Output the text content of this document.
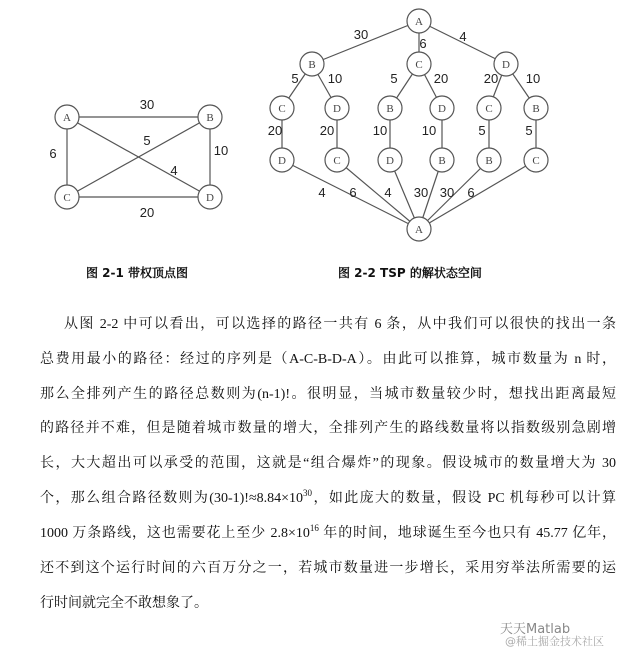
30
6
5
10
4
20
A	B
C	D
A
B	C	D
C	D	B	D	C	B
D	C	D	B	B	C
A
30
6	4
5 10	5	20	20 10
20	20	10	10	5	5
4 6 4 30 30 6
图 2-1 带权顶点图	图 2-2 TSP 的解状态空间
从图 2-2 中可以看出，可以选择的路径一共有 6 条，从中我们可以很快的找出一条
总费用最小的路径：经过的序列是（A-C-B-D-A）。由此可以推算，城市数量为 n 时，
那么全排列产生的路径总数则为(n-1)!。很明显，当城市数量较少时，想找出距离最短
的路径并不难，但是随着城市数量的增大，全排列产生的路线数量将以指数级别急剧增
长，大大超出可以承受的范围，这就是“组合爆炸”的现象。假设城市的数量增大为 30
个，那么组合路径数则为$(30-1)!\approx 8.84\times 10^{30}$，如此庞大的数量，假设 PC 机每秒可以计算
1000 万条路线，这也需要花上至少 $2.8\times 10^{16}$ 年的时间，地球诞生至今也只有 45.77 亿年，
还不到这个运行时间的六百万分之一，若城市数量进一步增长，采用穷举法所需要的运
行时间就完全不敢想象了。
天天Matlab
@稀土掘金技术社区
